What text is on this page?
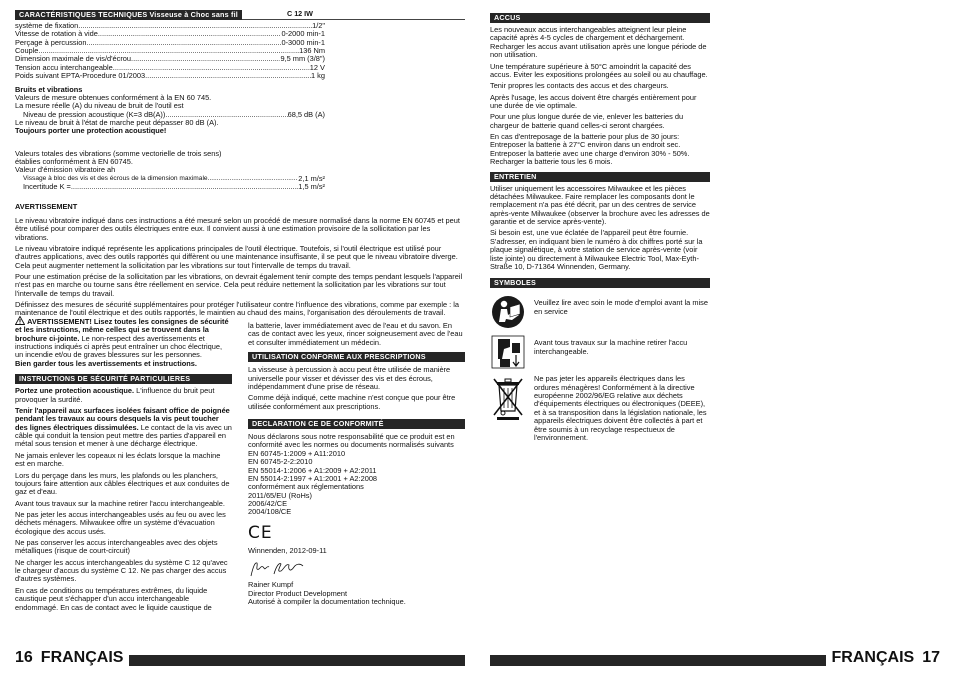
CARACTÉRISTIQUES TECHNIQUES Visseuse à Choc sans fil	C 12 IW
système de fixation .....	1/2"
Vitesse de rotation à vide .....	0-2000 min-1
Perçage à percussion .....	0-3000 min-1
Couple .....	136 Nm
Dimension maximale de vis/d'écrou .....	9,5 mm (3/8")
Tension accu interchangeable .....	12 V
Poids suivant EPTA-Procedure 01/2003 .....	1 kg
Bruits et vibrations
Valeurs de mesure obtenues conformément à la EN 60 745.
La mesure réelle (A) du niveau de bruit de l'outil est
Niveau de pression acoustique (K=3 dB(A)) .....	68,5 dB (A)
Le niveau de bruit à l'état de marche peut dépasser 80 dB (A).
Toujours porter une protection acoustique!
Valeurs totales des vibrations (somme vectorielle de trois sens) établies conformément à EN 60745.
Valeur d'émission vibratoire ah
Vissage à bloc des vis et des écrous de la dimension maximale .....	2,1 m/s²
Incertitude K = .....	1,5 m/s²
AVERTISSEMENT

Le niveau vibratoire indiqué dans ces instructions a été mesuré selon un procédé de mesure normalisé dans la norme EN 60745 et peut être utilisé pour comparer des outils électriques entre eux. Il convient aussi à une estimation provisoire de la sollicitation par les vibrations.

Le niveau vibratoire indiqué représente les applications principales de l'outil électrique. Toutefois, si l'outil électrique est utilisé pour d'autres applications, avec des outils rapportés qui diffèrent ou une maintenance insuffisante, il se peut que le niveau vibratoire diverge. Cela peut augmenter nettement la sollicitation par les vibrations sur tout l'intervalle de temps du travail.

Pour une estimation précise de la sollicitation par les vibrations, on devrait également tenir compte des temps pendant lesquels l'appareil n'est pas en marche ou tourne sans être réellement en service. Cela peut réduire nettement la sollicitation par les vibrations sur tout l'intervalle de temps du travail.

Définissez des mesures de sécurité supplémentaires pour protéger l'utilisateur contre l'influence des vibrations, comme par exemple : la maintenance de l'outil électrique et des outils rapportés, le maintien au chaud des mains, l'organisation des déroulements de travail.

AVERTISSEMENT! Lisez toutes les consignes de sécurité et les instructions, même celles qui se trouvent dans la brochure ci-jointe. Le non-respect des avertissements et instructions indiqués ci après peut entraîner un choc électrique, un incendie et/ou de graves blessures sur les personnes.
Bien garder tous les avertissements et instructions.

INSTRUCTIONS DE SÉCURITÉ PARTICULIERES

Portez une protection acoustique. L'influence du bruit peut provoquer la surdité.

Tenir l'appareil aux surfaces isolées faisant office de poignée pendant les travaux au cours desquels la vis peut toucher des lignes électriques dissimulées. Le contact de la vis avec un câble qui conduit la tension peut mettre des parties d'appareil en métal sous tension et mener à une décharge électrique.

Ne jamais enlever les copeaux ni les éclats lorsque la machine est en marche.

Lors du perçage dans les murs, les plafonds ou les planchers, toujours faire attention aux câbles électriques et aux conduites de gaz et d'eau.

Avant tous travaux sur la machine retirer l'accu interchangeable.

Ne pas jeter les accus interchangeables usés au feu ou avec les déchets ménagers. Milwaukee offre un système d'évacuation écologique des accus usés.

Ne pas conserver les accus interchangeables avec des objets métalliques (risque de court-circuit)

Ne charger les accus interchangeables du système C 12 qu'avec le chargeur d'accus du système C 12. Ne pas charger des accus d'autres systèmes.

En cas de conditions ou températures extrêmes, du liquide caustique peut s'échapper d'un accu interchangeable endommagé. En cas de contact avec le liquide caustique de

la batterie, laver immédiatement avec de l'eau et du savon. En cas de contact avec les yeux, rincer soigneusement avec de l'eau et consulter immédiatement un médecin.

UTILISATION CONFORME AUX PRESCRIPTIONS

La visseuse à percussion à accu peut être utilisée de manière universelle pour visser et dévisser des vis et des écrous, indépendamment d'une prise de réseau.

Comme déjà indiqué, cette machine n'est conçue que pour être utilisée conformément aux prescriptions.

DECLARATION CE DE CONFORMITÉ
Nous déclarons sous notre responsabilité que ce produit est en conformité avec les normes ou documents normalisés suivants
EN 60745-1:2009 + A11:2010
EN 60745-2-2:2010
EN 55014-1:2006 + A1:2009 + A2:2011
EN 55014-2:1997 + A1:2001 + A2:2008
conformément aux réglementations
2011/65/EU (RoHs)
2006/42/CE
2004/108/CE
CE
Winnenden, 2012-09-11
Rainer Kumpf
Director Product Development
Autorisé à compiler la documentation technique.
16 FRANÇAIS
ACCUS

Les nouveaux accus interchangeables atteignent leur pleine capacité après 4-5 cycles de chargement et déchargement. Recharger les accus avant utilisation après une longue période de non utilisation.

Une température supérieure à 50°C amoindrit la capacité des accus. Eviter les expositions prolongées au soleil ou au chauffage.

Tenir propres les contacts des accus et des chargeurs.

Après l'usage, les accus doivent être chargés entièrement pour une durée de vie optimale.

Pour une plus longue durée de vie, enlever les batteries du chargeur de batterie quand celles-ci seront chargées.

En cas d'entreposage de la batterie pour plus de 30 jours: Entreposer la batterie à 27°C environ dans un endroit sec. Entreposer la batterie avec une charge d'environ 30% - 50%. Recharger la batterie tous les 6 mois.

ENTRETIEN

Utiliser uniquement les accessoires Milwaukee et les pièces détachées Milwaukee. Faire remplacer les composants dont le remplacement n'a pas été décrit, par un des centres de service après-vente Milwaukee (observer la brochure avec les adresses de garantie et de service après-vente).

Si besoin est, une vue éclatée de l'appareil peut être fournie. S'adresser, en indiquant bien le numéro à dix chiffres porté sur la plaque signalétique, à votre station de service après-vente (voir liste jointe) ou directement à Milwaukee Electric Tool, Max-Eyth-Straße 10, D-71364 Winnenden, Germany.

SYMBOLES
Veuillez lire avec soin le mode d'emploi avant la mise en service
Avant tous travaux sur la machine retirer l'accu interchangeable.
Ne pas jeter les appareils électriques dans les ordures ménagères! Conformément à la directive européenne 2002/96/EG relative aux déchets d'équipements électriques ou électroniques (DEEE), et à sa transposition dans la législation nationale, les appareils électriques doivent être collectés à part et être soumis à un recyclage respectueux de l'environnement.
FRANÇAIS 17
